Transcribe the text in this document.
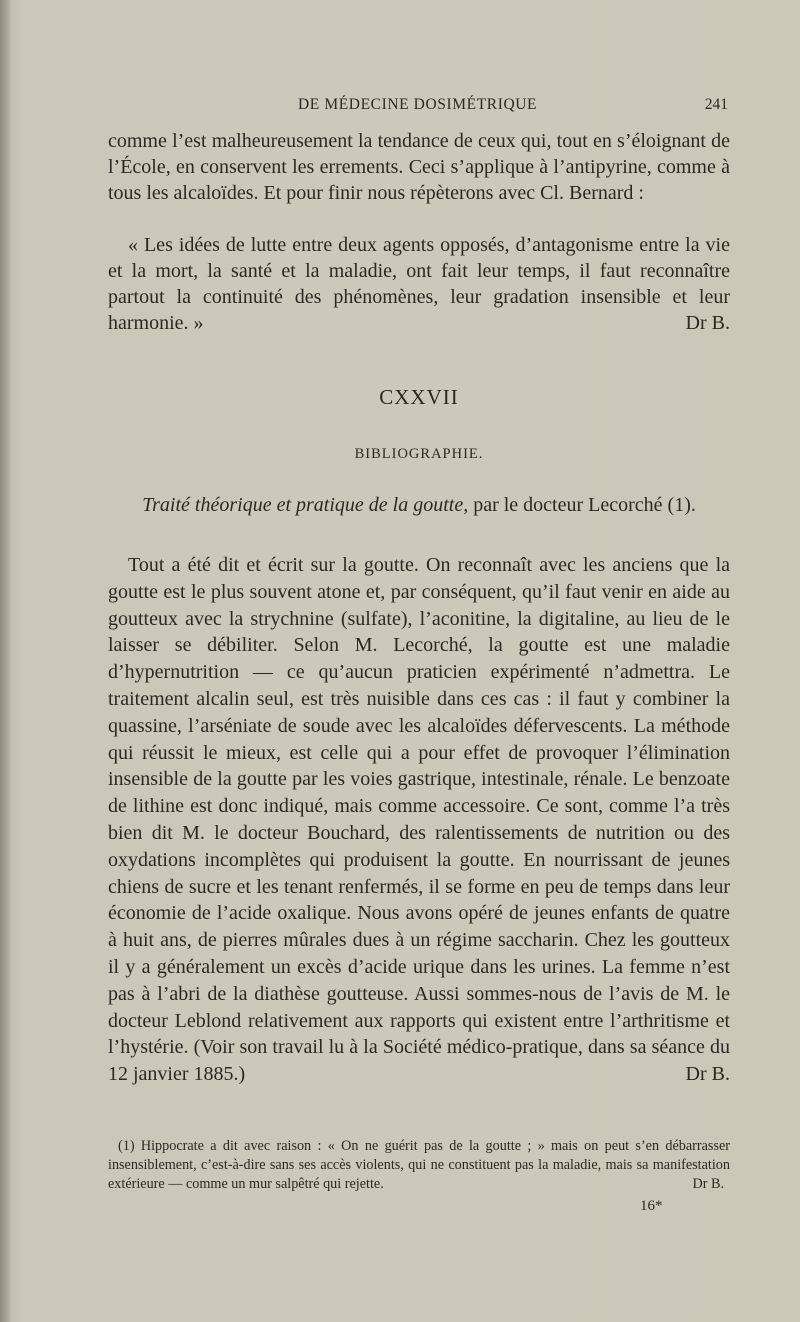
DE MÉDECINE DOSIMÉTRIQUE	241

comme l’est malheureusement la tendance de ceux qui, tout en s’éloignant de l’École, en conservent les errements. Ceci s’applique à l’antipyrine, comme à tous les alcaloïdes. Et pour finir nous répèterons avec Cl. Bernard :

« Les idées de lutte entre deux agents opposés, d’antagonisme entre la vie et la mort, la santé et la maladie, ont fait leur temps, il faut reconnaître partout la continuité des phénomènes, leur gradation insensible et leur harmonie. »	Dr B.

CXXVII
BIBLIOGRAPHIE.
Traité théorique et pratique de la goutte, par le docteur Lecorché (1).

Tout a été dit et écrit sur la goutte. On reconnaît avec les anciens que la goutte est le plus souvent atone et, par conséquent, qu’il faut venir en aide au goutteux avec la strychnine (sulfate), l’aconitine, la digitaline, au lieu de le laisser se débiliter. Selon M. Lecorché, la goutte est une maladie d’hypernutrition — ce qu’aucun praticien expérimenté n’admettra. Le traitement alcalin seul, est très nuisible dans ces cas : il faut y combiner la quassine, l’arséniate de soude avec les alcaloïdes défervescents. La méthode qui réussit le mieux, est celle qui a pour effet de provoquer l’élimination insensible de la goutte par les voies gastrique, intestinale, rénale. Le benzoate de lithine est donc indiqué, mais comme accessoire. Ce sont, comme l’a très bien dit M. le docteur Bouchard, des ralentissements de nutrition ou des oxydations incomplètes qui produisent la goutte. En nourrissant de jeunes chiens de sucre et les tenant renfermés, il se forme en peu de temps dans leur économie de l’acide oxalique. Nous avons opéré de jeunes enfants de quatre à huit ans, de pierres mûrales dues à un régime saccharin. Chez les goutteux il y a généralement un excès d’acide urique dans les urines. La femme n’est pas à l’abri de la diathèse goutteuse. Aussi sommes-nous de l’avis de M. le docteur Leblond relativement aux rapports qui existent entre l’arthritisme et l’hystérie. (Voir son travail lu à la Société médico-pratique, dans sa séance du 12 janvier 1885.)	Dr B.

(1) Hippocrate a dit avec raison : « On ne guérit pas de la goutte ; » mais on peut s’en débarrasser insensiblement, c’est-à-dire sans ses accès violents, qui ne constituent pas la maladie, mais sa manifestation extérieure — comme un mur salpêtré qui rejette.	Dr B.

16*
